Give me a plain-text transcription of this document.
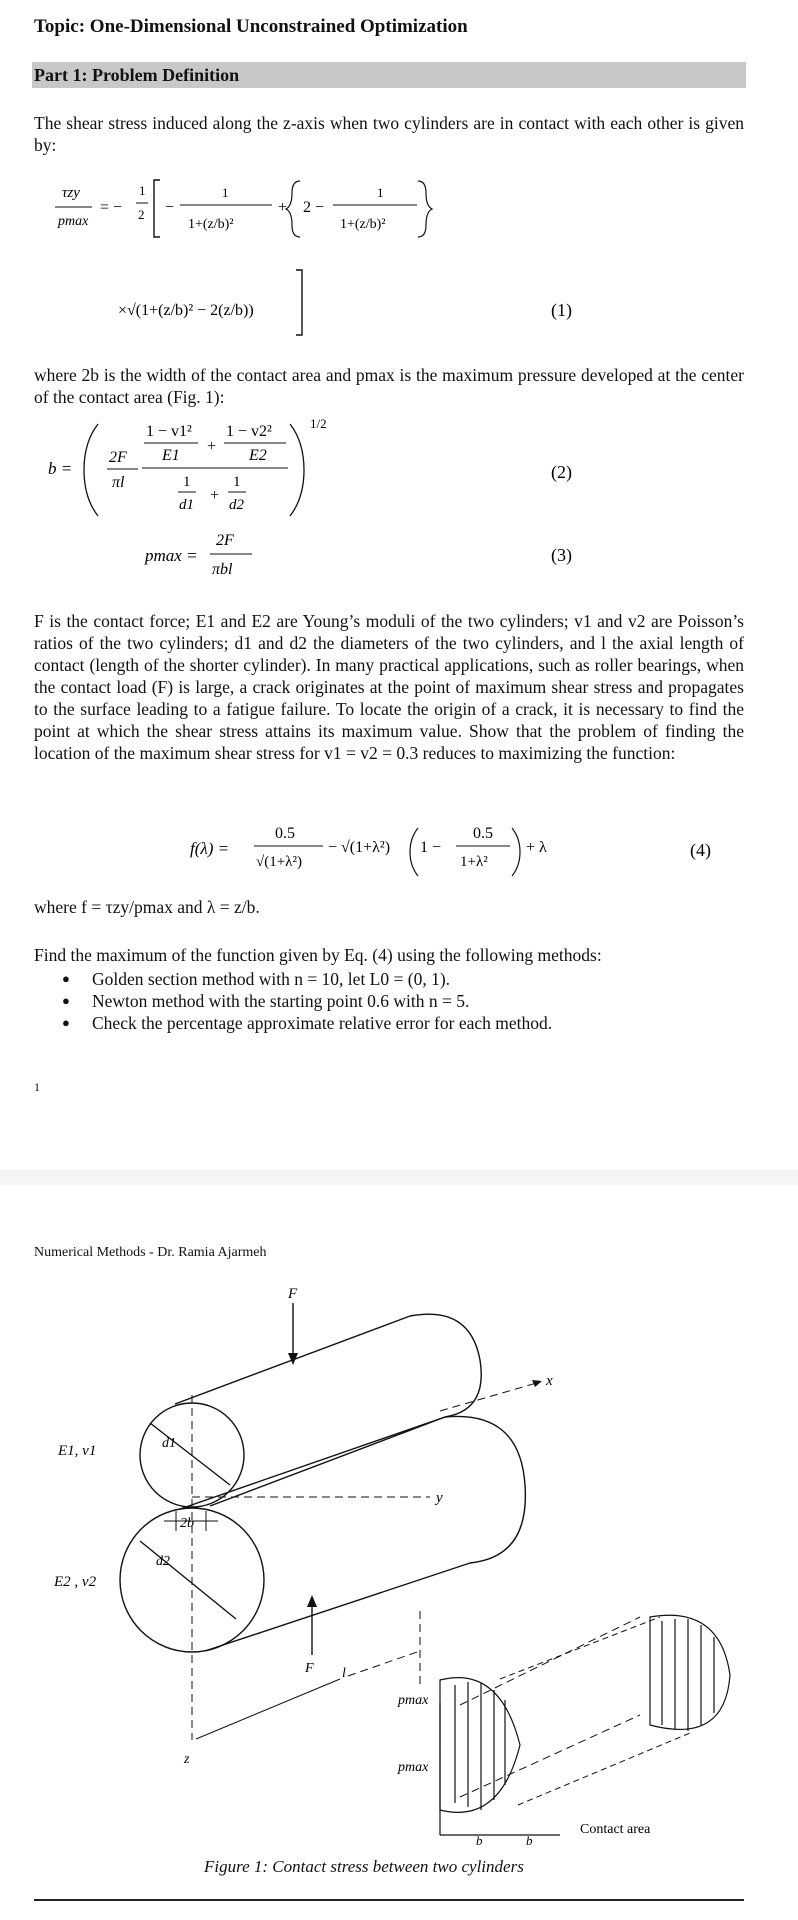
Topic: One-Dimensional Unconstrained Optimization
Part 1: Problem Definition
The shear stress induced along the z-axis when two cylinders are in contact with each other is given by:
τzy
pmax
= −
1
2 −
1
1+(z/b)²
+ 2 −
1
1+(z/b)²
×√(1+(z/b)² − 2(z/b))	(1)
where 2b is the width of the contact area and pmax is the maximum pressure developed at the center of the contact area (Fig. 1):
b =
2F
πl
1 − v1²
E1
+
1 − v2²
E2
1
d1
+
1
d2
1/2
(2)
pmax =
2F
πbl
(3)
F is the contact force; E1 and E2 are Young’s moduli of the two cylinders; v1 and v2 are Poisson’s ratios of the two cylinders; d1 and d2 the diameters of the two cylinders, and l the axial length of contact (length of the shorter cylinder). In many practical applications, such as roller bearings, when the contact load (F) is large, a crack originates at the point of maximum shear stress and propagates to the surface leading to a fatigue failure. To locate the origin of a crack, it is necessary to find the point at which the shear stress attains its maximum value. Show that the problem of finding the location of the maximum shear stress for v1 = v2 = 0.3 reduces to maximizing the function:
f(λ) =
0.5
√(1+λ²)
− √(1+λ²) 1 −
0.5
1+λ²
+ λ	(4)
where f = τzy/pmax and λ = z/b.
Find the maximum of the function given by Eq. (4) using the following methods:
● Golden section method with n = 10, let L0 = (0, 1).
● Newton method with the starting point 0.6 with n = 5.
● Check the percentage approximate relative error for each method.
1
Numerical Methods - Dr. Ramia Ajarmeh
F
F
x
y
z
l
d1
d2
2b
E1, v1
E2 , v2
pmax
pmax
b	b
Contact area
Figure 1: Contact stress between two cylinders
